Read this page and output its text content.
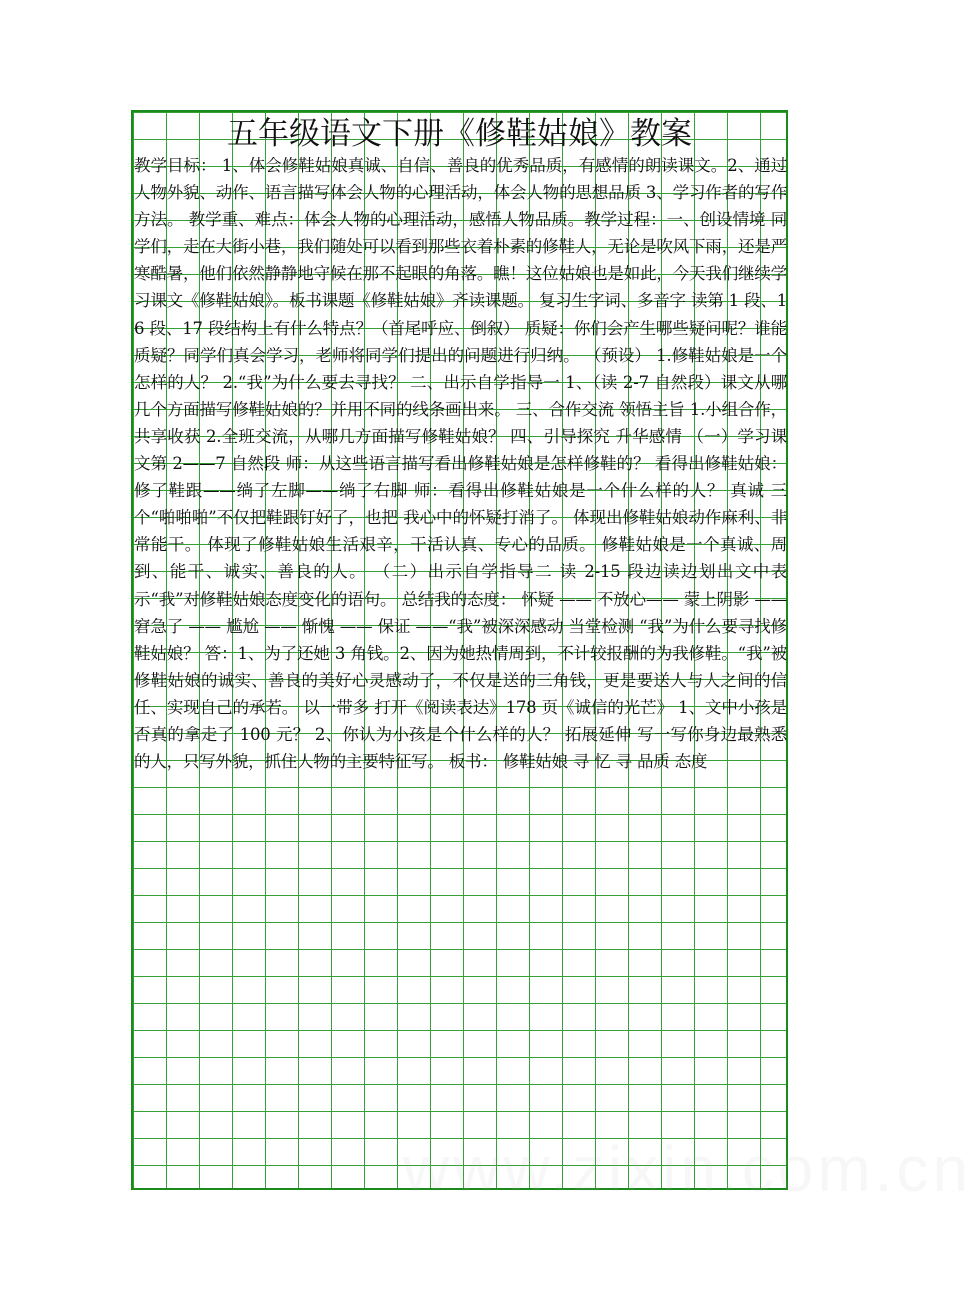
五年级语文下册《修鞋姑娘》教案
教学目标： 1、体会修鞋姑娘真诚、自信、善良的优秀品质，有感情的朗读课文。2、通过人物外貌、动作、语言描写体会人物的心理活动，体会人物的思想品质 3、学习作者的写作方法。 教学重、难点：体会人物的心理活动，感悟人物品质。教学过程：一、创设情境 同学们，走在大街小巷，我们随处可以看到那些衣着朴素的修鞋人，无论是吹风下雨，还是严寒酷暑，他们依然静静地守候在那不起眼的角落。瞧！这位姑娘也是如此，今天我们继续学习课文《修鞋姑娘》。板书课题《修鞋姑娘》齐读课题。 复习生字词、多音字 读第 1 段、16 段、17 段结构上有什么特点？（首尾呼应、倒叙） 质疑：你们会产生哪些疑问呢？谁能质疑？同学们真会学习，老师将同学们提出的问题进行归纳。 （预设） 1.修鞋姑娘是一个怎样的人？ 2.“我”为什么要去寻找？ 二、出示自学指导一 1、（读 2-7 自然段）课文从哪几个方面描写修鞋姑娘的？并用不同的线条画出来。 三、合作交流 领悟主旨 1.小组合作，共享收获 2.全班交流，从哪几方面描写修鞋姑娘？ 四、引导探究 升华感情 （一）学习课文第 2——7 自然段 师：从这些语言描写看出修鞋姑娘是怎样修鞋的？ 看得出修鞋姑娘： 修了鞋跟——绱了左脚——绱了右脚 师：看得出修鞋姑娘是一个什么样的人？ 真诚 三个“啪啪啪”不仅把鞋跟钉好了，也把 我心中的怀疑打消了。 体现出修鞋姑娘动作麻利、非常能干。 体现了修鞋姑娘生活艰辛，干活认真、专心的品质。 修鞋姑娘是一个真诚、周到、能干、诚实、善良的人。 （二）出示自学指导二 读 2-15 段边读边划出文中表示“我”对修鞋姑娘态度变化的语句。 总结我的态度： 怀疑 —— 不放心—— 蒙上阴影 —— 窘急了 —— 尴尬 —— 惭愧 —— 保证 ——“我”被深深感动 当堂检测 “我”为什么要寻找修鞋姑娘？ 答：1、为了还她 3 角钱。2、因为她热情周到，不计较报酬的为我修鞋。“我”被修鞋姑娘的诚实、善良的美好心灵感动了，不仅是送的三角钱，更是要送人与人之间的信任、实现自己的承若。 以一带多 打开《阅读表达》178 页《诚信的光芒》 1、文中小孩是否真的拿走了 100 元？ 2、你认为小孩是个什么样的人？ 拓展延伸 写一写你身边最熟悉的人，只写外貌，抓住人物的主要特征写。 板书： 修鞋姑娘 寻 忆 寻 品质 态度
www.zixin.com.cn
